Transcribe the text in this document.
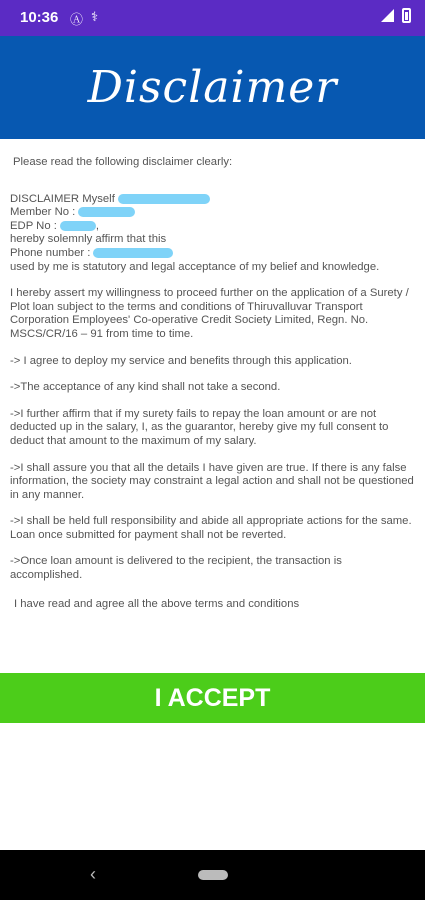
10:36 Ⓐ ⚕
Disclaimer
Please read the following disclaimer clearly:
DISCLAIMER Myself
Member No :
EDP No :	,
hereby solemnly affirm that this
Phone number :
used by me is statutory and legal acceptance of my belief and knowledge.
I hereby assert my willingness to proceed further on the application of a Surety / Plot loan subject to the terms and conditions of Thiruvalluvar Transport Corporation Employees' Co-operative Credit Society Limited, Regn. No. MSCS/CR/16 – 91 from time to time.
-> I agree to deploy my service and benefits through this application.
->The acceptance of any kind shall not take a second.
->I further affirm that if my surety fails to repay the loan amount or are not deducted up in the salary, I, as the guarantor, hereby give my full consent to deduct that amount to the maximum of my salary.
->I shall assure you that all the details I have given are true. If there is any false information, the society may constraint a legal action and shall not be questioned in any manner.
->I shall be held full responsibility and abide all appropriate actions for the same. Loan once submitted for payment shall not be reverted.
->Once loan amount is delivered to the recipient, the transaction is accomplished.
I have read and agree all the above terms and conditions
I ACCEPT
‹
